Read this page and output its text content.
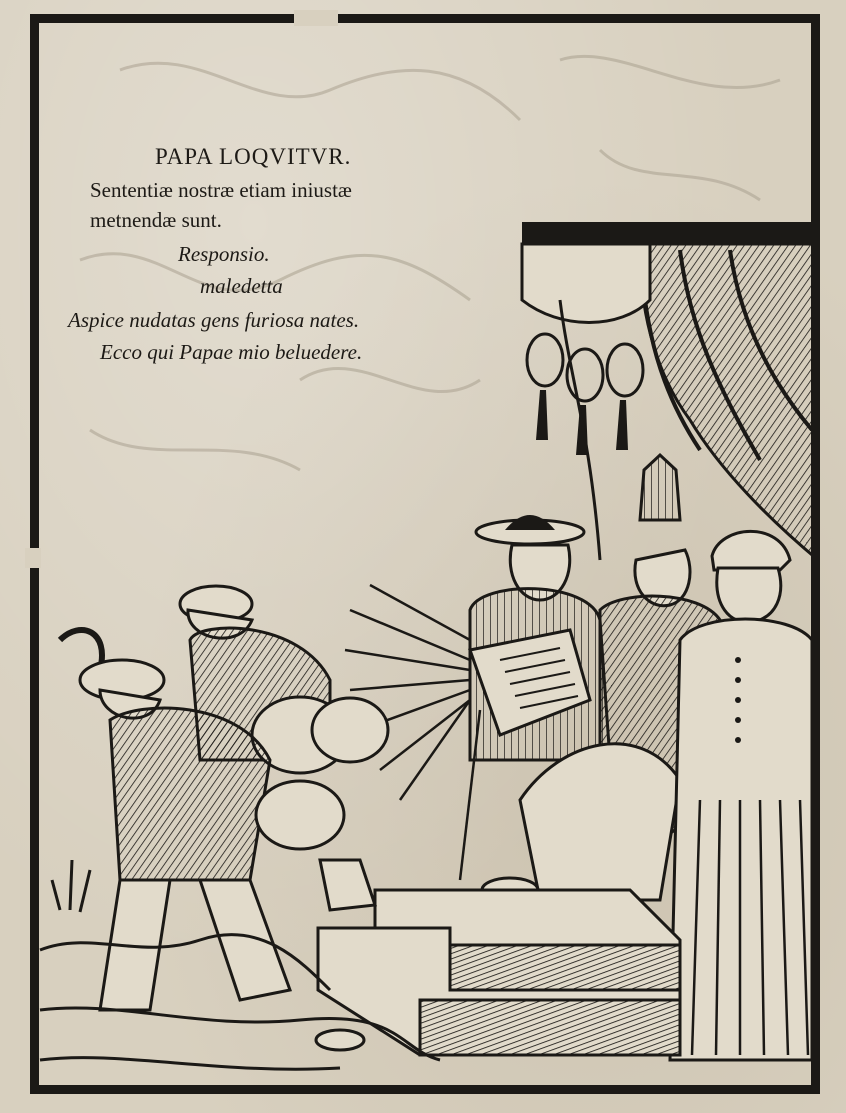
PAPA LOQVITVR.
Sententiæ nostræ etiam iniustæ
metnendæ sunt.
Responsio.
maledetta
Aspice nudatas gens furiosa nates.
Ecco qui Papae mio beluedere.
